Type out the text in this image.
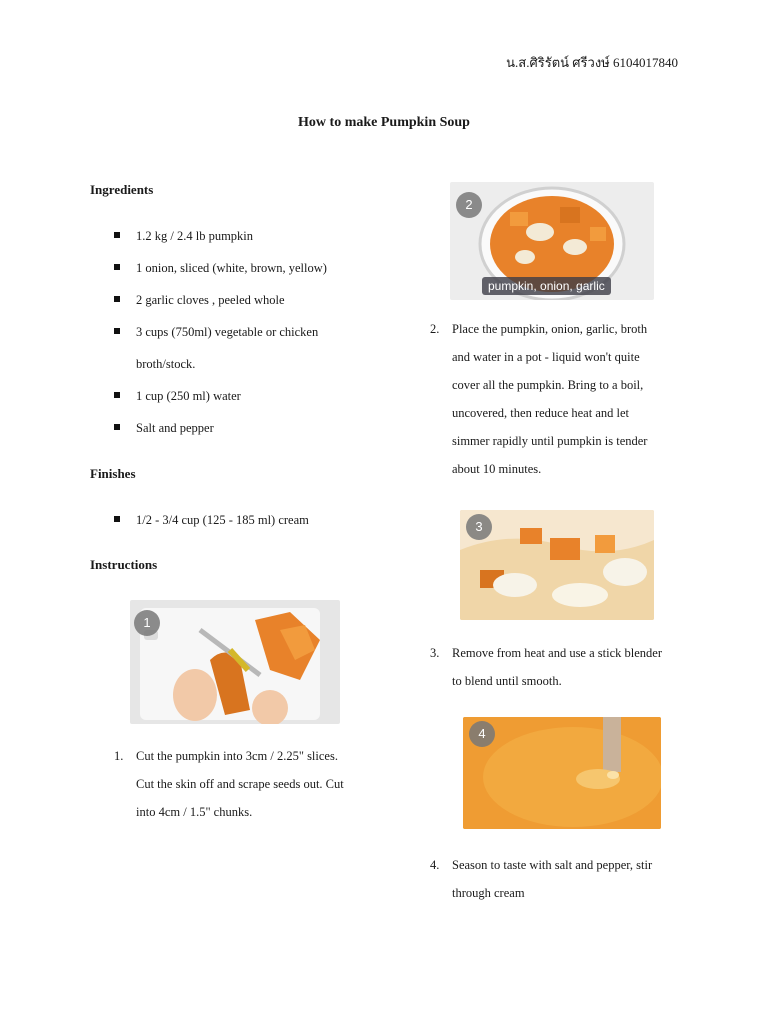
น.ส.ศิริรัตน์ ศรีวงษ์ 6104017840
How to make Pumpkin Soup
Ingredients
1.2 kg / 2.4 lb pumpkin
1 onion, sliced (white, brown, yellow)
2 garlic cloves , peeled whole
3 cups (750ml) vegetable or chicken
broth/stock.
1 cup (250 ml) water
Salt and pepper
Finishes
1/2 - 3/4 cup (125 - 185 ml) cream
Instructions
1
1. Cut the pumpkin into 3cm / 2.25" slices.
Cut the skin off and scrape seeds out. Cut
into 4cm / 1.5" chunks.
2
pumpkin, onion, garlic
2. Place the pumpkin, onion, garlic, broth
and water in a pot - liquid won't quite
cover all the pumpkin. Bring to a boil,
uncovered, then reduce heat and let
simmer rapidly until pumpkin is tender
about 10 minutes.
3
3. Remove from heat and use a stick blender
to blend until smooth.
4
4. Season to taste with salt and pepper, stir
through cream
